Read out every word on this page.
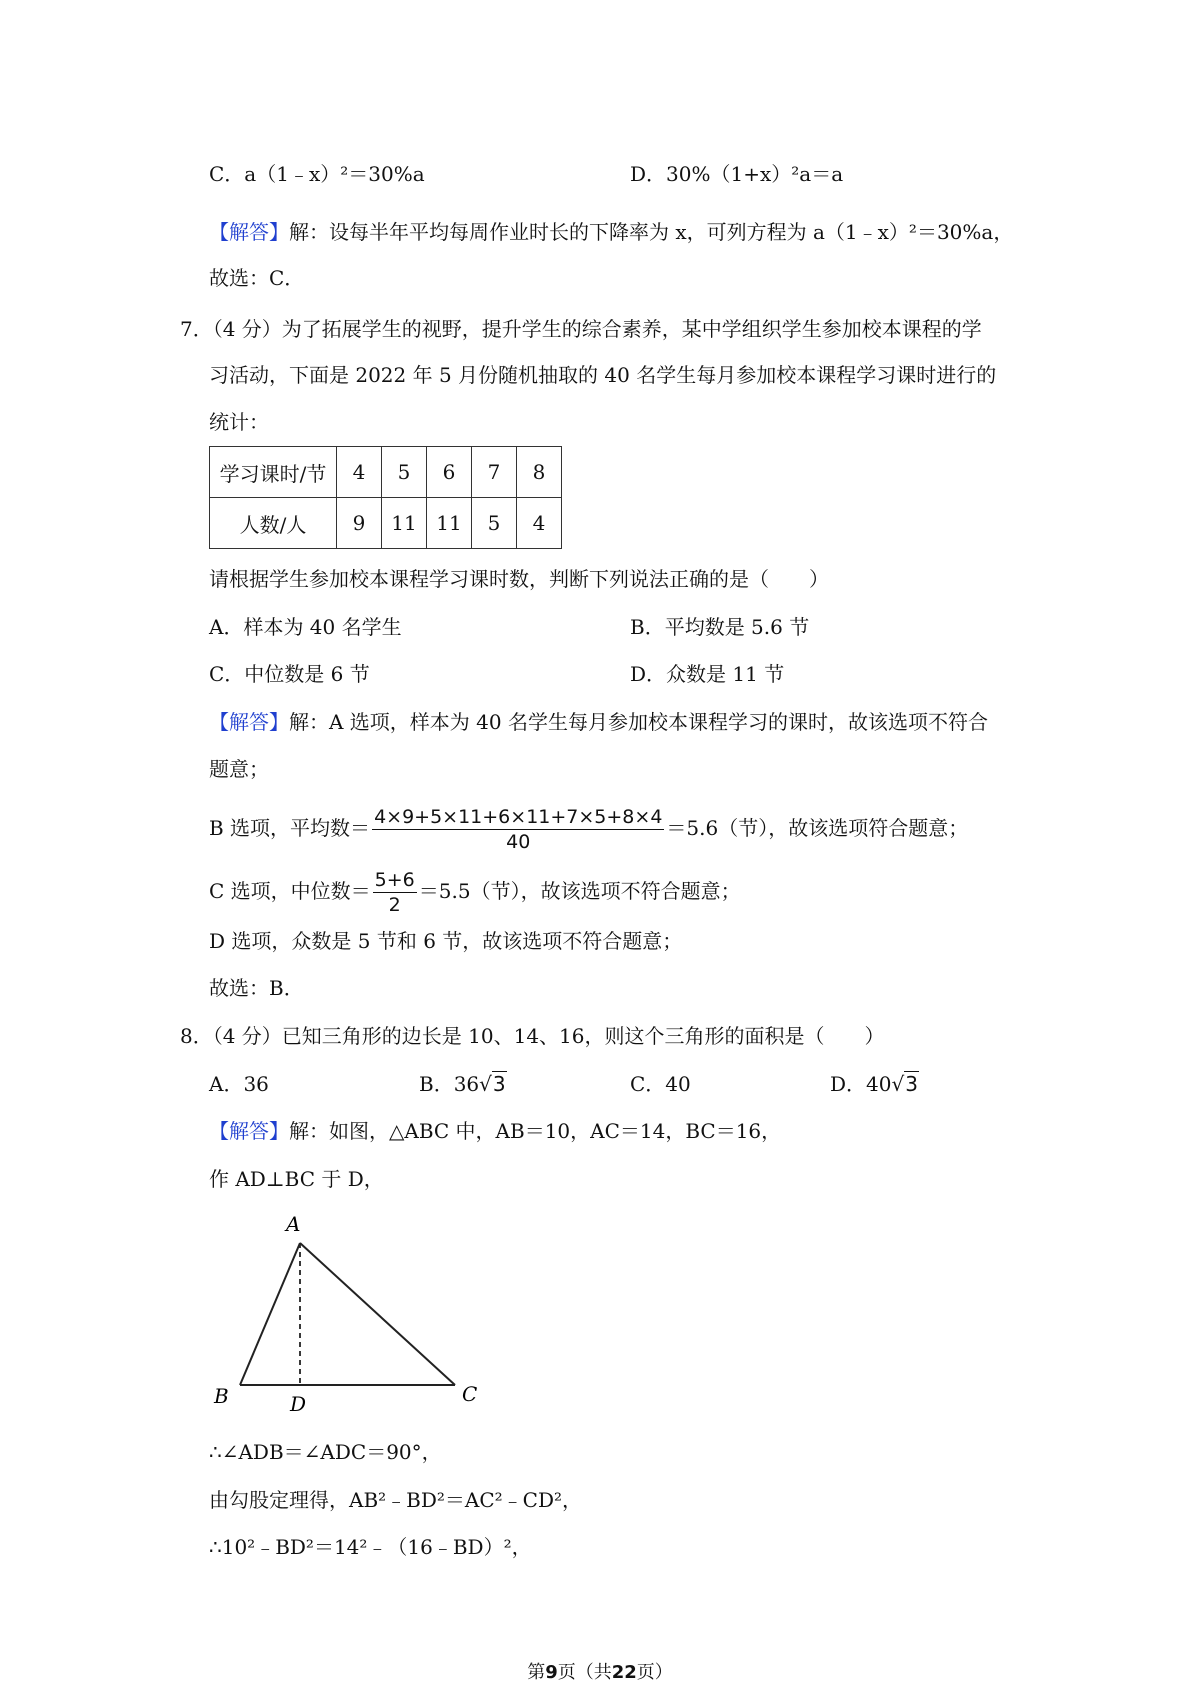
C．a（1﹣x）²＝30%a	D．30%（1+x）²a＝a
【解答】解：设每半年平均每周作业时长的下降率为 x，可列方程为 a（1﹣x）²＝30%a，
故选：C．
7．（4 分）为了拓展学生的视野，提升学生的综合素养，某中学组织学生参加校本课程的学
习活动，下面是 2022 年 5 月份随机抽取的 40 名学生每月参加校本课程学习课时进行的
统计：
学习课时/节	4	5	6	7	8
人数/人	9	11	11	5	4
请根据学生参加校本课程学习课时数，判断下列说法正确的是（　　）
A．样本为 40 名学生	B．平均数是 5.6 节
C．中位数是 6 节	D．众数是 11 节
【解答】解：A 选项，样本为 40 名学生每月参加校本课程学习的课时，故该选项不符合
题意；
B 选项，平均数＝ $\frac{4\times 9+5\times 11+6\times 11+7\times 5+8\times 4}{40} =5.6$（节），故该选项符合题意；
C 选项，中位数＝ $\frac{5+6}{2} =5.5$（节），故该选项不符合题意；
D 选项，众数是 5 节和 6 节，故该选项不符合题意；
故选：B．
8．（4 分）已知三角形的边长是 10、14、16，则这个三角形的面积是（　　）
A．36	B．36√3	C．40	D．40√3
【解答】解：如图，△ABC 中，AB＝10，AC＝14，BC＝16，
作 AD⊥BC 于 D，
A
B	C
D
∴∠ADB＝∠ADC＝90°，
由勾股定理得，AB²﹣BD²＝AC²﹣CD²，
∴10²﹣BD²＝14²﹣（16﹣BD）²，
第9页（共22页）
